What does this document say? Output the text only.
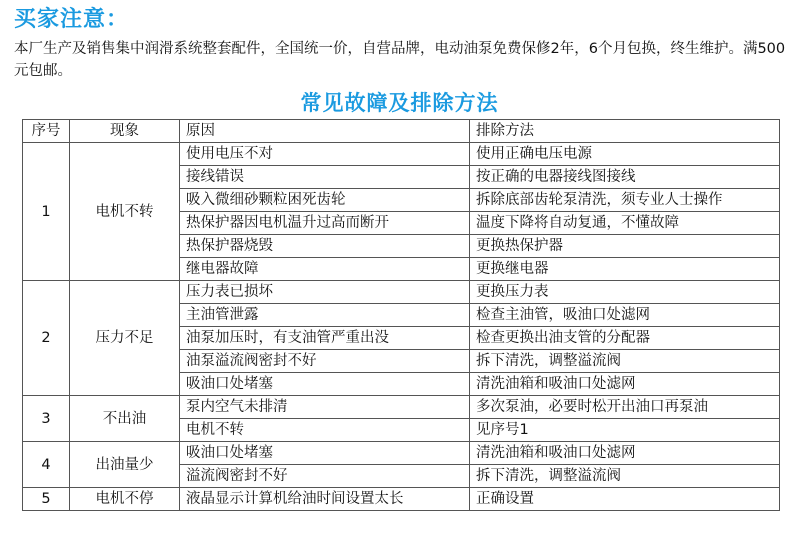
买家注意：
本厂生产及销售集中润滑系统整套配件，全国统一价，自营品牌，电动油泵免费保修2年，6个月包换，终生维护。满500元包邮。
常见故障及排除方法
序号	现象	原因	排除方法
1	电机不转	使用电压不对	使用正确电压电源
		接线错误	按正确的电器接线图接线
		吸入微细砂颗粒困死齿轮	拆除底部齿轮泵清洗，须专业人士操作
		热保护器因电机温升过高而断开	温度下降将自动复通，不懂故障
		热保护器烧毁	更换热保护器
		继电器故障	更换继电器
2	压力不足	压力表已损坏	更换压力表
		主油管泄露	检查主油管，吸油口处滤网
		油泵加压时，有支油管严重出没	检查更换出油支管的分配器
		油泵溢流阀密封不好	拆下清洗，调整溢流阀
		吸油口处堵塞	清洗油箱和吸油口处滤网
3	不出油	泵内空气未排清	多次泵油，必要时松开出油口再泵油
		电机不转	见序号1
4	出油量少	吸油口处堵塞	清洗油箱和吸油口处滤网
		溢流阀密封不好	拆下清洗，调整溢流阀
5	电机不停	液晶显示计算机给油时间设置太长	正确设置
